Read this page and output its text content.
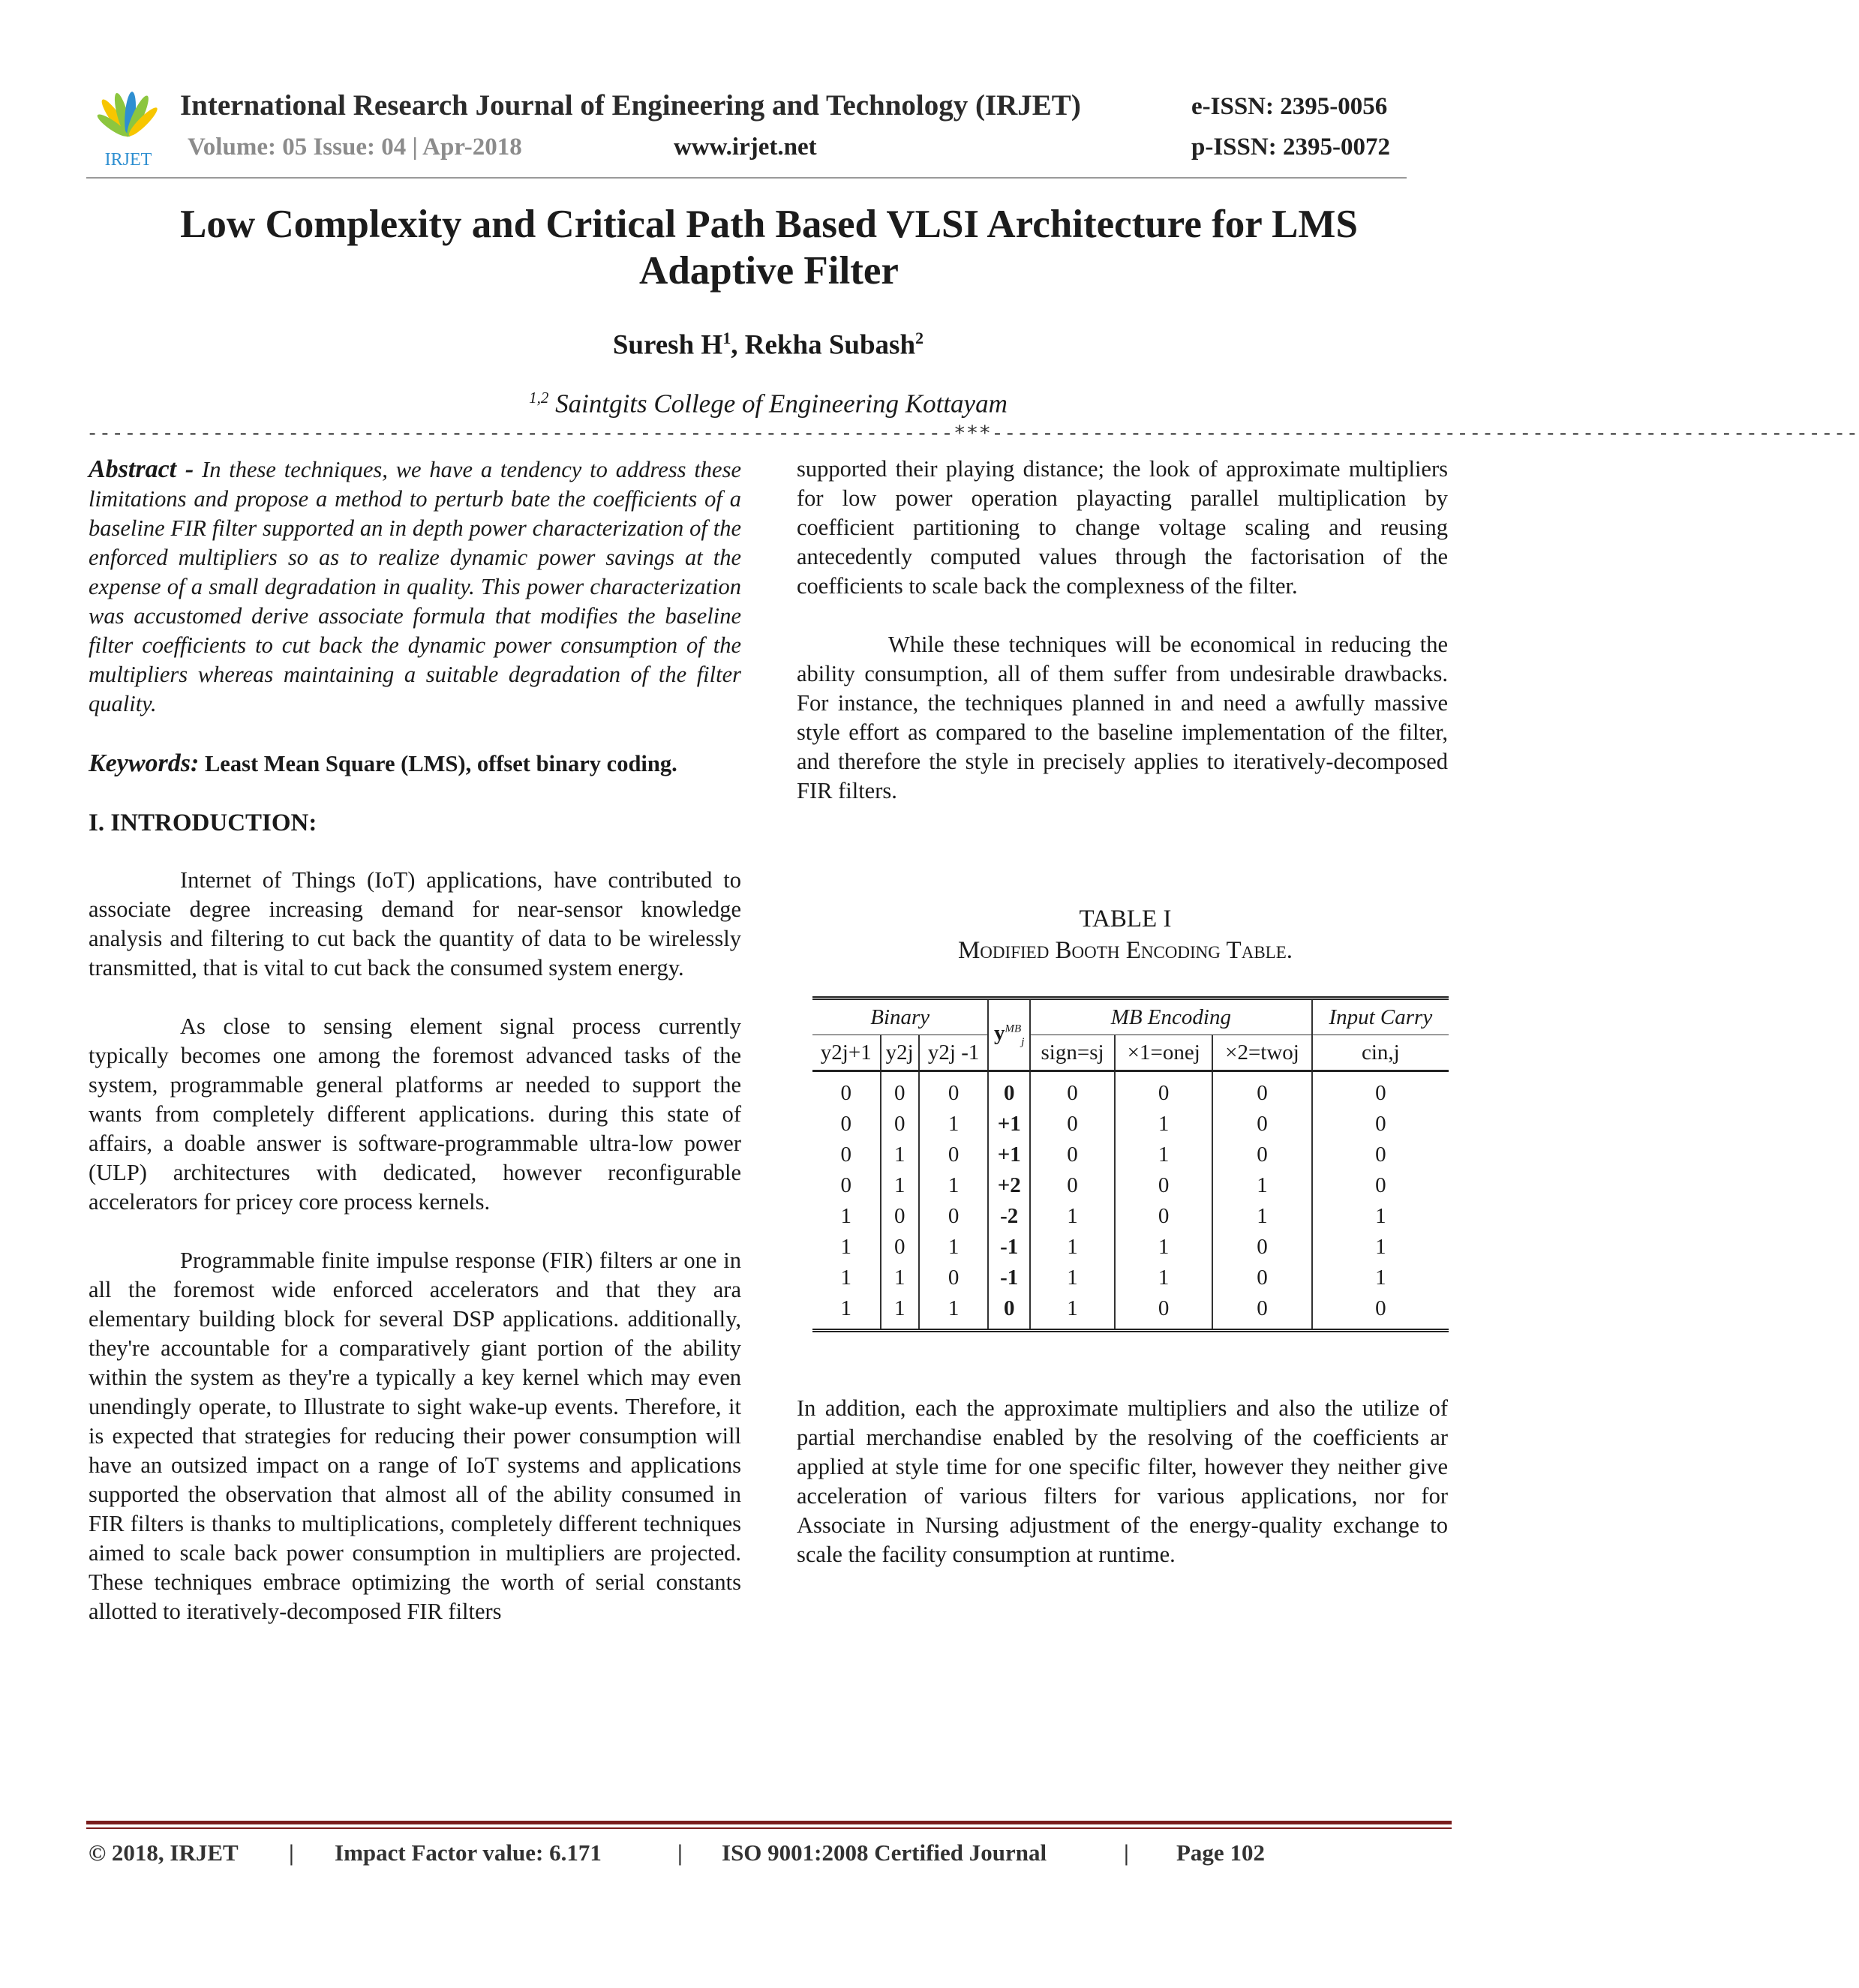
IRJET
International Research Journal of Engineering and Technology (IRJET)	e-ISSN: 2395-0056
Volume: 05 Issue: 04 | Apr-2018	www.irjet.net	p-ISSN: 2395-0072
Low Complexity and Critical Path Based VLSI Architecture for LMS Adaptive Filter
Suresh $H^1$, Rekha Subash$^2$
$^{1,2}$ Saintgits College of Engineering Kottayam
---------------------------------------------------------------------***---------------------------------------------------------------------

Abstract - In these techniques, we have a tendency to address these limitations and propose a method to perturb bate the coefficients of a baseline FIR filter supported an in depth power characterization of the enforced multipliers so as to realize dynamic power savings at the expense of a small degradation in quality. This power characterization was accustomed derive associate formula that modifies the baseline filter coefficients to cut back the dynamic power consumption of the multipliers whereas maintaining a suitable degradation of the filter quality.

Keywords: Least Mean Square (LMS), offset binary coding.

I. INTRODUCTION:

Internet of Things (IoT) applications, have contributed to associate degree increasing demand for near-sensor knowledge analysis and filtering to cut back the quantity of data to be wirelessly transmitted, that is vital to cut back the consumed system energy.

As close to sensing element signal process currently typically becomes one among the foremost advanced tasks of the system, programmable general platforms ar needed to support the wants from completely different applications. during this state of affairs, a doable answer is software-programmable ultra-low power (ULP) architectures with dedicated, however reconfigurable accelerators for pricey core process kernels.

Programmable finite impulse response (FIR) filters ar one in all the foremost wide enforced accelerators and that they ara elementary building block for several DSP applications. additionally, they're accountable for a comparatively giant portion of the ability within the system as they're a typically a key kernel which may even unendingly operate, to Illustrate to sight wake-up events. Therefore, it is expected that strategies for reducing their power consumption will have an outsized impact on a range of IoT systems and applications supported the observation that almost all of the ability consumed in FIR filters is thanks to multiplications, completely different techniques aimed to scale back power consumption in multipliers are projected. These techniques embrace optimizing the worth of serial constants allotted to iteratively-decomposed FIR filters

supported their playing distance; the look of approximate multipliers for low power operation playacting parallel multiplication by coefficient partitioning to change voltage scaling and reusing antecedently computed values through the factorisation of the coefficients to scale back the complexness of the filter.

While these techniques will be economical in reducing the ability consumption, all of them suffer from undesirable drawbacks. For instance, the techniques planned in and need a awfully massive style effort as compared to the baseline implementation of the filter, and therefore the style in precisely applies to iteratively-decomposed FIR filters.

TABLE I
Modified Booth Encoding Table.
Binary			$y^{MB}_j$	MB Encoding			Input Carry
y2j+1	y2j	y2j -1		sign=sj	×1=onej	×2=twoj	cin,j
0	0	0	0	0	0	0	0
0	0	1	+1	0	1	0	0
0	1	0	+1	0	1	0	0
0	1	1	+2	0	0	1	0
1	0	0	-2	1	0	1	1
1	0	1	-1	1	1	0	1
1	1	0	-1	1	1	0	1
1	1	1	0	1	0	0	0

In addition, each the approximate multipliers and also the utilize of partial merchandise enabled by the resolving of the coefficients ar applied at style time for one specific filter, however they neither give acceleration of various filters for various applications, nor for Associate in Nursing adjustment of the energy-quality exchange to scale the facility consumption at runtime.

© 2018, IRJET | Impact Factor value: 6.171	| ISO 9001:2008 Certified Journal	| Page 102
